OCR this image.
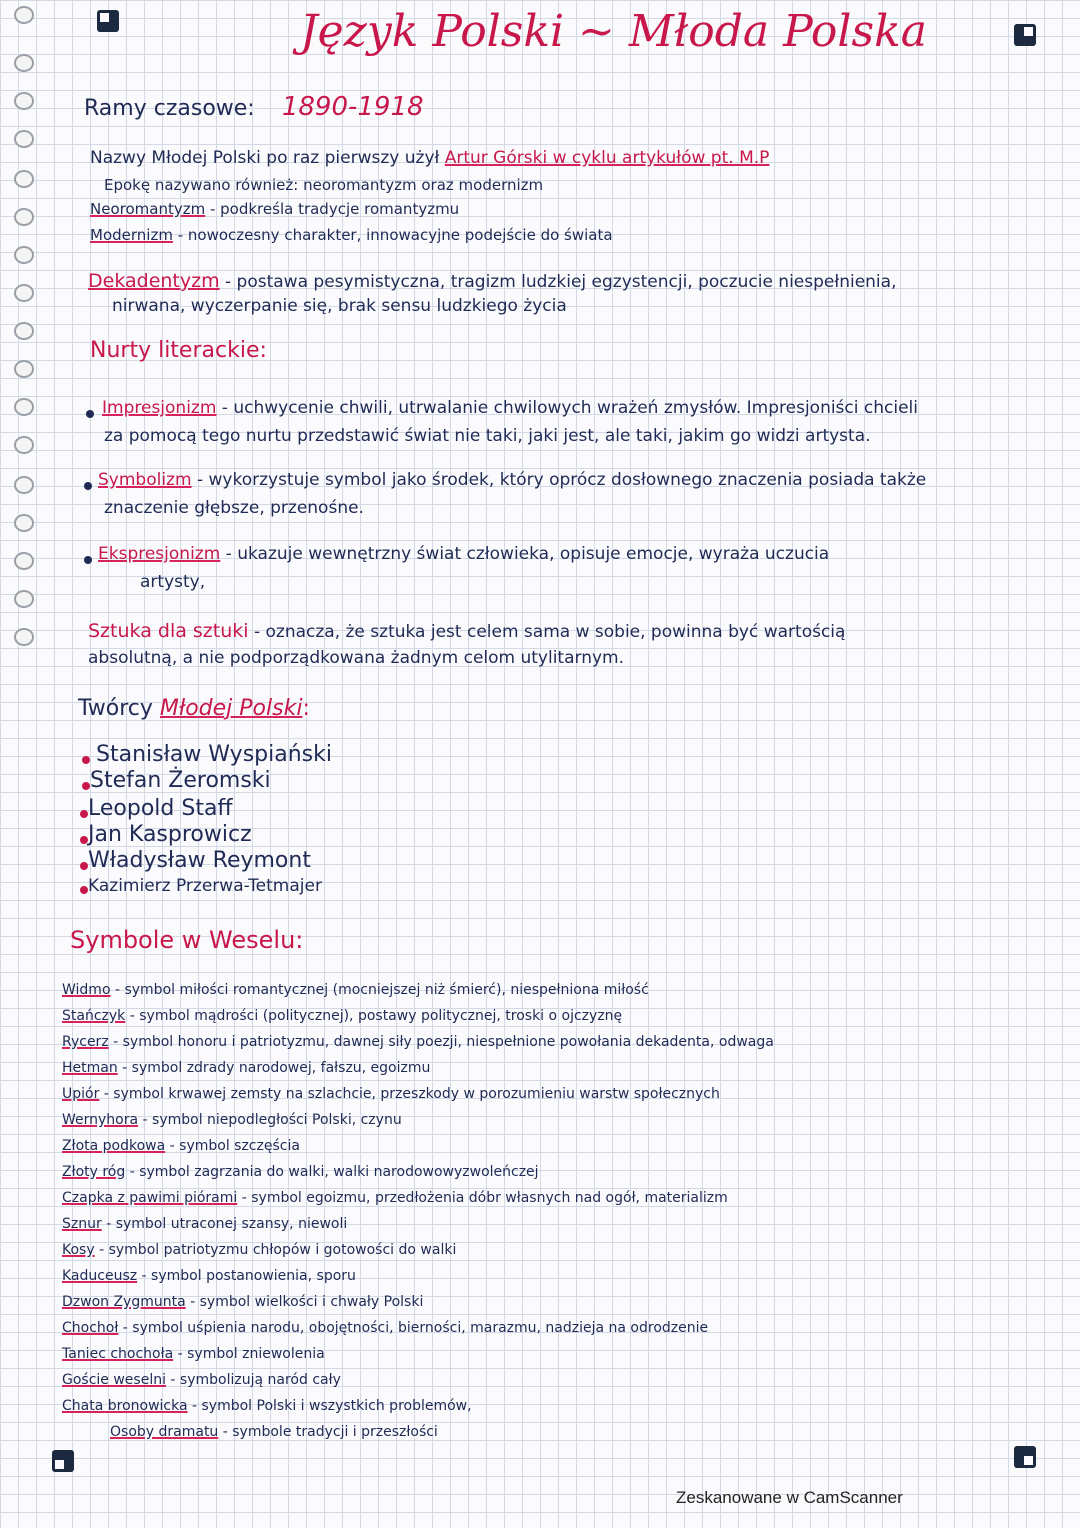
Język Polski ~ Młoda Polska
Ramy czasowe: 1890-1918
Nazwy Młodej Polski po raz pierwszy użył Artur Górski w cyklu artykułów pt. M.P
Epokę nazywano również: neoromantyzm oraz modernizm
Neoromantyzm - podkreśla tradycje romantyzmu
Modernizm - nowoczesny charakter, innowacyjne podejście do świata
Dekadentyzm - postawa pesymistyczna, tragizm ludzkiej egzystencji, poczucie niespełnienia,
nirwana, wyczerpanie się, brak sensu ludzkiego życia
Nurty literackie:
Impresjonizm - uchwycenie chwili, utrwalanie chwilowych wrażeń zmysłów. Impresjoniści chcieli
za pomocą tego nurtu przedstawić świat nie taki, jaki jest, ale taki, jakim go widzi artysta.
Symbolizm - wykorzystuje symbol jako środek, który oprócz dosłownego znaczenia posiada także
znaczenie głębsze, przenośne.
Ekspresjonizm - ukazuje wewnętrzny świat człowieka, opisuje emocje, wyraża uczucia
artysty,
Sztuka dla sztuki - oznacza, że sztuka jest celem sama w sobie, powinna być wartością
absolutną, a nie podporządkowana żadnym celom utylitarnym.
Twórcy Młodej Polski:
Stanisław Wyspiański
Stefan Żeromski
Leopold Staff
Jan Kasprowicz
Władysław Reymont
Kazimierz Przerwa-Tetmajer
Symbole w Weselu:
Widmo - symbol miłości romantycznej (mocniejszej niż śmierć), niespełniona miłość
Stańczyk - symbol mądrości (politycznej), postawy politycznej, troski o ojczyznę
Rycerz - symbol honoru i patriotyzmu, dawnej siły poezji, niespełnione powołania dekadenta, odwaga
Hetman - symbol zdrady narodowej, fałszu, egoizmu
Upiór - symbol krwawej zemsty na szlachcie, przeszkody w porozumieniu warstw społecznych
Wernyhora - symbol niepodległości Polski, czynu
Złota podkowa - symbol szczęścia
Złoty róg - symbol zagrzania do walki, walki narodowowyzwoleńczej
Czapka z pawimi piórami - symbol egoizmu, przedłożenia dóbr własnych nad ogół, materializm
Sznur - symbol utraconej szansy, niewoli
Kosy - symbol patriotyzmu chłopów i gotowości do walki
Kaduceusz - symbol postanowienia, sporu
Dzwon Zygmunta - symbol wielkości i chwały Polski
Chochoł - symbol uśpienia narodu, obojętności, bierności, marazmu, nadzieja na odrodzenie
Taniec chochoła - symbol zniewolenia
Goście weselni - symbolizują naród cały
Chata bronowicka - symbol Polski i wszystkich problemów,
Osoby dramatu - symbole tradycji i przeszłości
Zeskanowane w CamScanner
